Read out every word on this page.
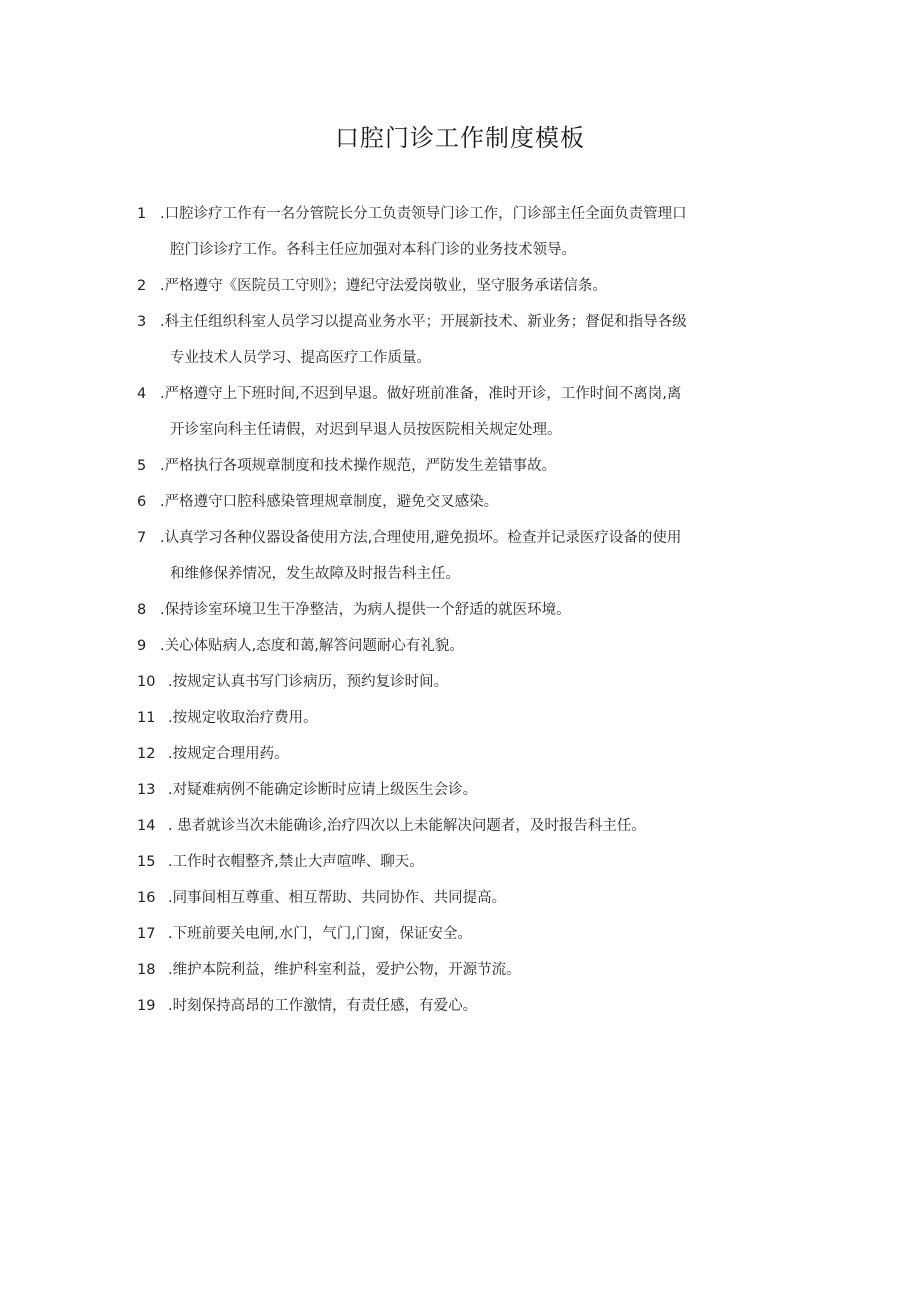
口腔门诊工作制度模板
1 .口腔诊疗工作有一名分管院长分工负责领导门诊工作，门诊部主任全面负责管理口
腔门诊诊疗工作。各科主任应加强对本科门诊的业务技术领导。
2 .严格遵守《医院员工守则》；遵纪守法爱岗敬业，坚守服务承诺信条。
3 .科主任组织科室人员学习以提高业务水平；开展新技术、新业务；督促和指导各级
专业技术人员学习、提高医疗工作质量。
4 .严格遵守上下班时间,不迟到早退。做好班前准备，准时开诊，工作时间不离岗,离
开诊室向科主任请假，对迟到早退人员按医院相关规定处理。
5 .严格执行各项规章制度和技术操作规范，严防发生差错事故。
6 .严格遵守口腔科感染管理规章制度，避免交叉感染。
7 .认真学习各种仪器设备使用方法,合理使用,避免损坏。检查并记录医疗设备的使用
和维修保养情况，发生故障及时报告科主任。
8 .保持诊室环境卫生干净整洁，为病人提供一个舒适的就医环境。
9 .关心体贴病人,态度和蔼,解答问题耐心有礼貌。
10 .按规定认真书写门诊病历，预约复诊时间。
11 .按规定收取治疗费用。
12 .按规定合理用药。
13 .对疑难病例不能确定诊断时应请上级医生会诊。
14 . 患者就诊当次未能确诊,治疗四次以上未能解决问题者，及时报告科主任。
15 .工作时衣帽整齐,禁止大声喧哗、聊天。
16 .同事间相互尊重、相互帮助、共同协作、共同提高。
17 .下班前要关电闸,水门，气门,门窗，保证安全。
18 .维护本院利益，维护科室利益，爱护公物，开源节流。
19 .时刻保持高昂的工作激情，有责任感，有爱心。
